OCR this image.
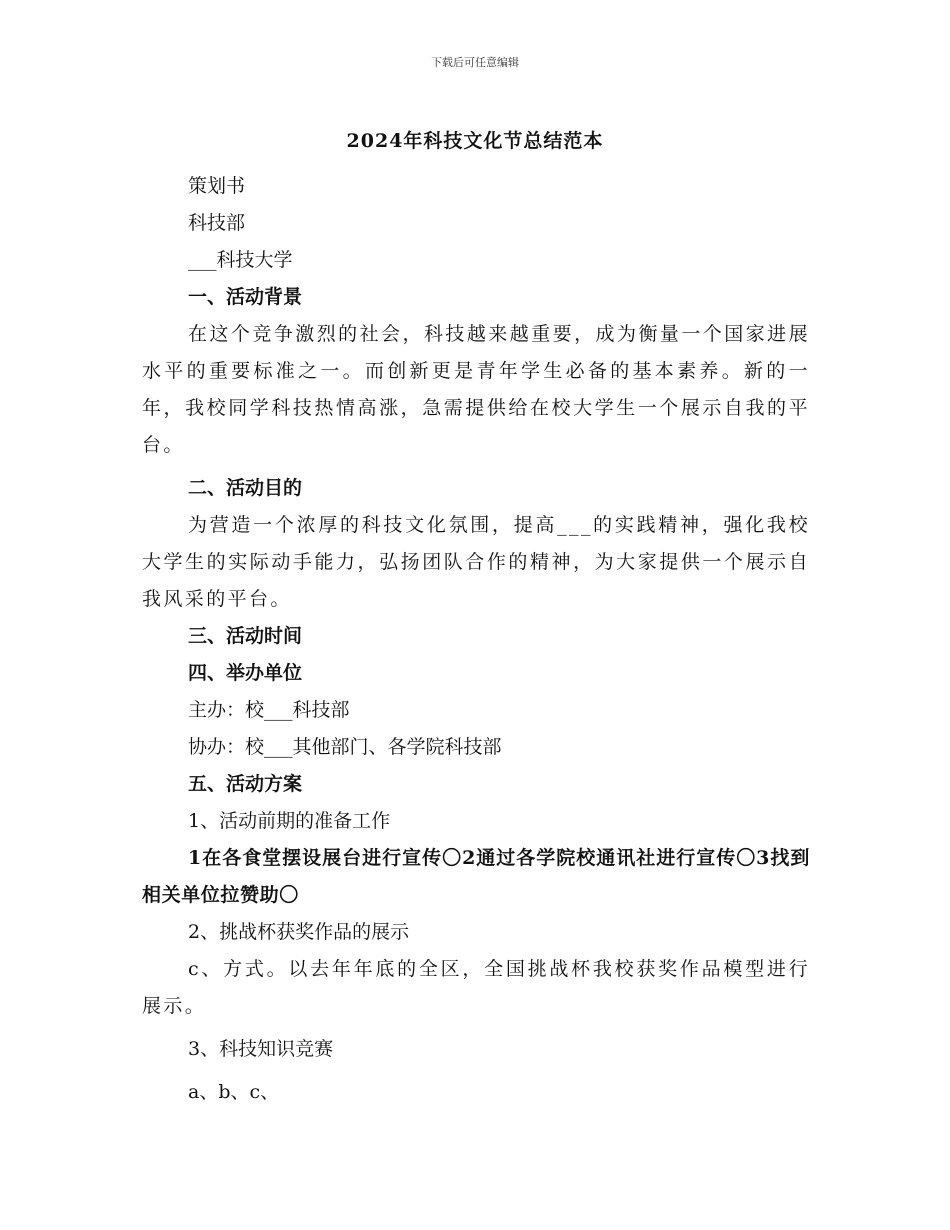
下载后可任意编辑
2024年科技文化节总结范本
策划书
科技部
___科技大学
一、活动背景

在这个竞争激烈的社会，科技越来越重要，成为衡量一个国家进展水平的重要标准之一。而创新更是青年学生必备的基本素养。新的一年，我校同学科技热情高涨，急需提供给在校大学生一个展示自我的平台。

二、活动目的

为营造一个浓厚的科技文化氛围，提高___的实践精神，强化我校大学生的实际动手能力，弘扬团队合作的精神，为大家提供一个展示自我风采的平台。

三、活动时间
四、举办单位
主办：校___科技部
协办：校___其他部门、各学院科技部
五、活动方案
1、活动前期的准备工作

1在各食堂摆设展台进行宣传〇2通过各学院校通讯社进行宣传〇3找到相关单位拉赞助〇

2、挑战杯获奖作品的展示

c、方式。以去年年底的全区，全国挑战杯我校获奖作品模型进行展示。

3、科技知识竞赛
a、b、c、
